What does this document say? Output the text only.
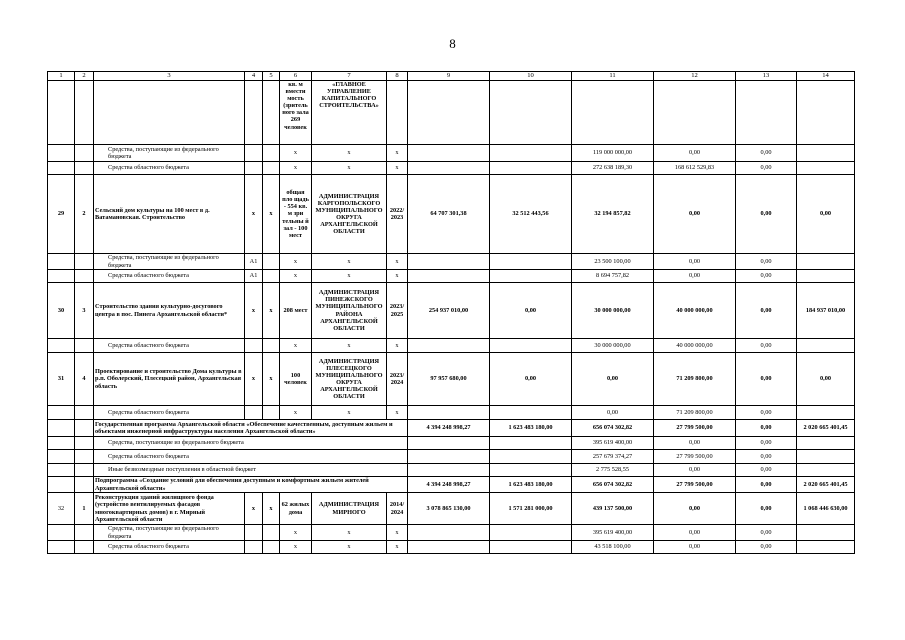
8
1	2	3	4	5	6	7	8	9	10	11	12	13	14
					кв. м вмести мость (зритель ного зала 269 человек	«ГЛАВНОЕ УПРАВЛЕНИЕ КАПИТАЛЬНОГО СТРОИТЕЛЬСТВА»							
		Средства, поступающие из федерального бюджета			x	x	x			119 000 000,00	0,00	0,00	
		Средства областного бюджета			x	x	x			272 638 189,30	168 612 529,83	0,00	
29	2	Сельский дом культуры на 100 мест в д. Ватамановская. Строительство	x	x	общая пло щадь - 554 кв. м зри тельны й зал - 100 мест	АДМИНИСТРАЦИЯ КАРГОПОЛЬСКОГО МУНИЦИПАЛЬНОГО ОКРУГА АРХАНГЕЛЬСКОЙ ОБЛАСТИ	2022/ 2023	64 707 301,38	32 512 443,56	32 194 857,82	0,00	0,00	0,00
		Средства, поступающие из федерального бюджета	A1		x	x	x			23 500 100,00	0,00	0,00	
		Средства областного бюджета	A1		x	x	x			8 694 757,82	0,00	0,00	
30	3	Строительство здания культурно-досугового центра в пос. Пинега Архангельской области*	x	x	208 мест	АДМИНИСТРАЦИЯ ПИНЕЖСКОГО МУНИЦИПАЛЬНОГО РАЙОНА АРХАНГЕЛЬСКОЙ ОБЛАСТИ	2023/ 2025	254 937 010,00	0,00	30 000 000,00	40 000 000,00	0,00	184 937 010,00
		Средства областного бюджета			x	x	x			30 000 000,00	40 000 000,00	0,00	
31	4	Проектирование и строительство Дома культуры в р.п. Оболерский, Плесецкий район, Архангельская область	x	x	100 человек	АДМИНИСТРАЦИЯ ПЛЕСЕЦКОГО МУНИЦИПАЛЬНОГО ОКРУГА АРХАНГЕЛЬСКОЙ ОБЛАСТИ	2023/ 2024	97 957 680,00	0,00	0,00	71 209 800,00	0,00	0,00
		Средства областного бюджета			x	x	x			0,00	71 209 800,00	0,00	
		Государственная программа Архангельской области «Обеспечение качественным, доступным жильем и объектами инженерной инфраструктуры населения Архангельской области»						4 394 248 998,27	1 623 483 180,00	656 074 302,82	27 799 500,00	0,00	2 020 665 401,45
		Средства, поступающие из федерального бюджета								395 619 400,00	0,00	0,00	
		Средства областного бюджета								257 679 374,27	27 799 500,00	0,00	
		Иные безвозмездные поступления в областной бюджет								2 775 528,55	0,00	0,00	
		Подпрограмма «Создание условий для обеспечения доступным и комфортным жильем жителей Архангельской области»						4 394 248 998,27	1 623 483 180,00	656 074 302,82	27 799 500,00	0,00	2 020 665 401,45
32	1	Реконструкция зданий жилищного фонда (устройство вентилируемых фасадов многоквартирных домов) в г. Мирный Архангельской области	x	x	62 жилых дома	АДМИНИСТРАЦИЯ МИРНОГО	2014/ 2024	3 078 865 130,00	1 571 281 000,00	439 137 500,00	0,00	0,00	1 068 446 630,00
		Средства, поступающие из федерального бюджета			x	x	x			395 619 400,00	0,00	0,00	
		Средства областного бюджета			x	x	x			43 518 100,00	0,00	0,00	
